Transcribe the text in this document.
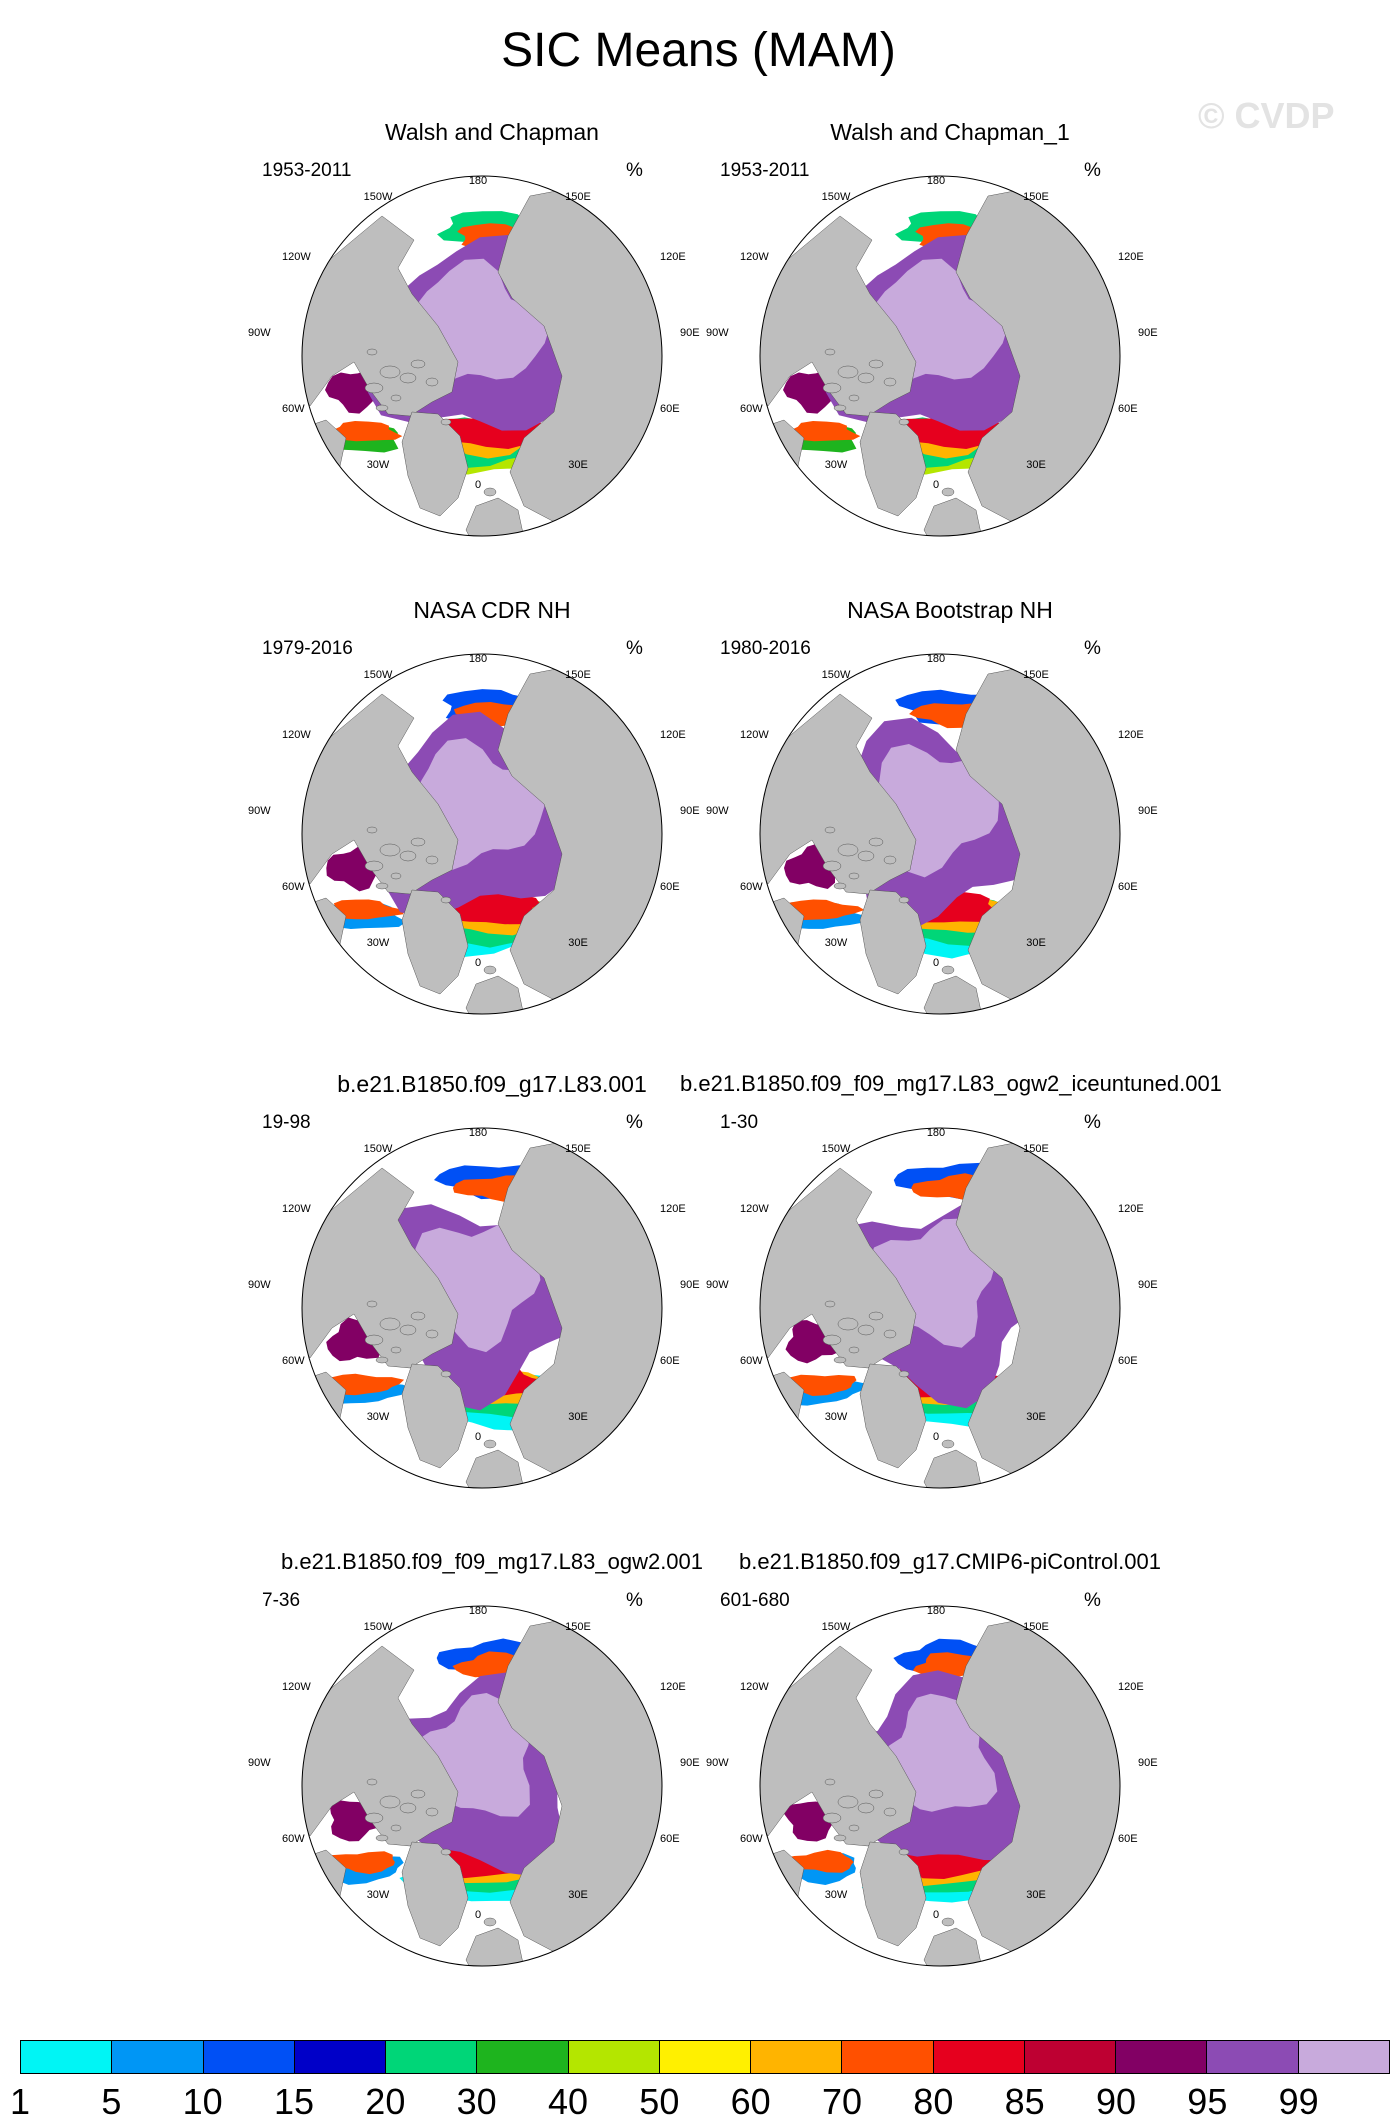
SIC Means (MAM)
© CVDP
Walsh and Chapman
1953-2011	%
180
150E
150W
120E
120W
90E
90W
60E
60W
30E
30W
0
Walsh and Chapman_1
1953-2011	%
180
150E
150W
120E
120W
90E
90W
60E
60W
30E
30W
0
NASA CDR NH
1979-2016	%
180
150E
150W
120E
120W
90E
90W
60E
60W
30E
30W
0
NASA Bootstrap NH
1980-2016	%
180
150E
150W
120E
120W
90E
90W
60E
60W
30E
30W
0
b.e21.B1850.f09_g17.L83.001
19-98	%
180
150E
150W
120E
120W
90E
90W
60E
60W
30E
30W
0
b.e21.B1850.f09_f09_mg17.L83_ogw2_iceuntuned.001
1-30	%
180
150E
150W
120E
120W
90E
90W
60E
60W
30E
30W
0
b.e21.B1850.f09_f09_mg17.L83_ogw2.001
7-36	%
180
150E
150W
120E
120W
90E
90W
60E
60W
30E
30W
0
b.e21.B1850.f09_g17.CMIP6-piControl.001
601-680	%
180
150E
150W
120E
120W
90E
90W
60E
60W
30E
30W
0
1 5 10 15 20 30 40 50 60 70 80 85 90 95 99
